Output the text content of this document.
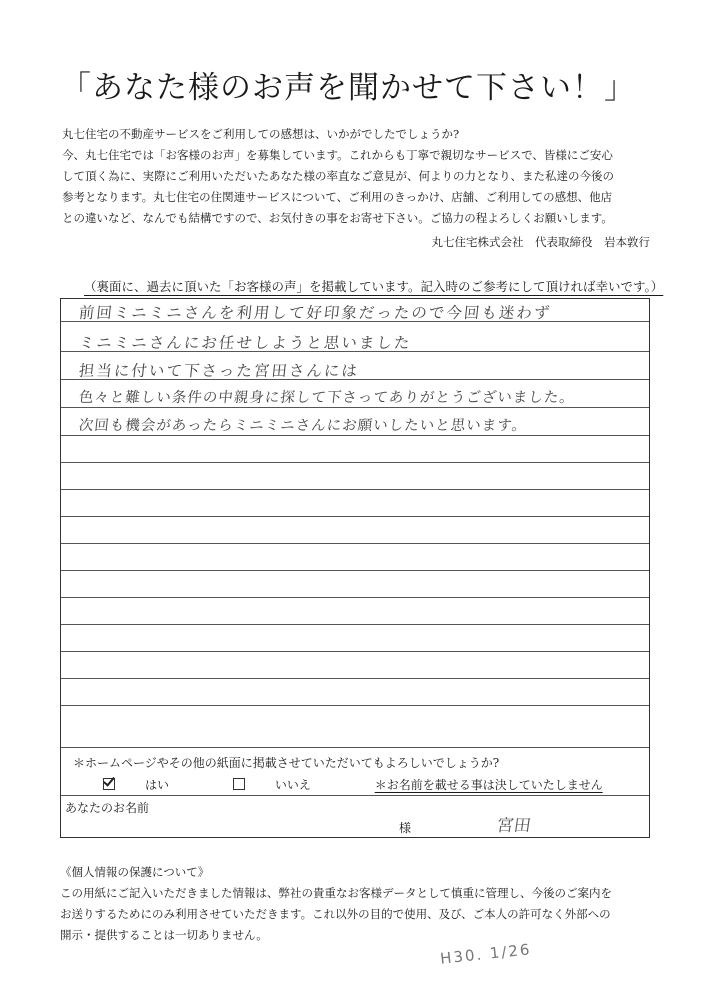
「あなた様のお声を聞かせて下さい！」
丸七住宅の不動産サービスをご利用しての感想は、いかがでしたでしょうか?
今、丸七住宅では「お客様のお声」を募集しています。これからも丁寧で親切なサービスで、皆様にご安心
して頂く為に、実際にご利用いただいたあなた様の率直なご意見が、何よりの力となり、また私達の今後の
参考となります。丸七住宅の住関連サービスについて、ご利用のきっかけ、店舗、ご利用しての感想、他店
との違いなど、なんでも結構ですので、お気付きの事をお寄せ下さい。ご協力の程よろしくお願いします。
丸七住宅株式会社　代表取締役　岩本敦行
（裏面に、過去に頂いた「お客様の声」を掲載しています。記入時のご参考にして頂ければ幸いです。）
前回ミニミニさんを利用して好印象だったので今回も迷わず
ミニミニさんにお任せしようと思いました
担当に付いて下さった宮田さんには
色々と難しい条件の中親身に探して下さってありがとうございました。
次回も機会があったらミニミニさんにお願いしたいと思います。
＊ホームページやその他の紙面に掲載させていただいてもよろしいでしょうか?
はい	いいえ	＊お名前を載せる事は決していたしません
あなたのお名前
様	宮田
《個人情報の保護について》
この用紙にご記入いただきました情報は、弊社の貴重なお客様データとして慎重に管理し、今後のご案内を
お送りするためにのみ利用させていただきます。これ以外の目的で使用、及び、ご本人の許可なく外部への
開示・提供することは一切ありません。
H30. 1/26
